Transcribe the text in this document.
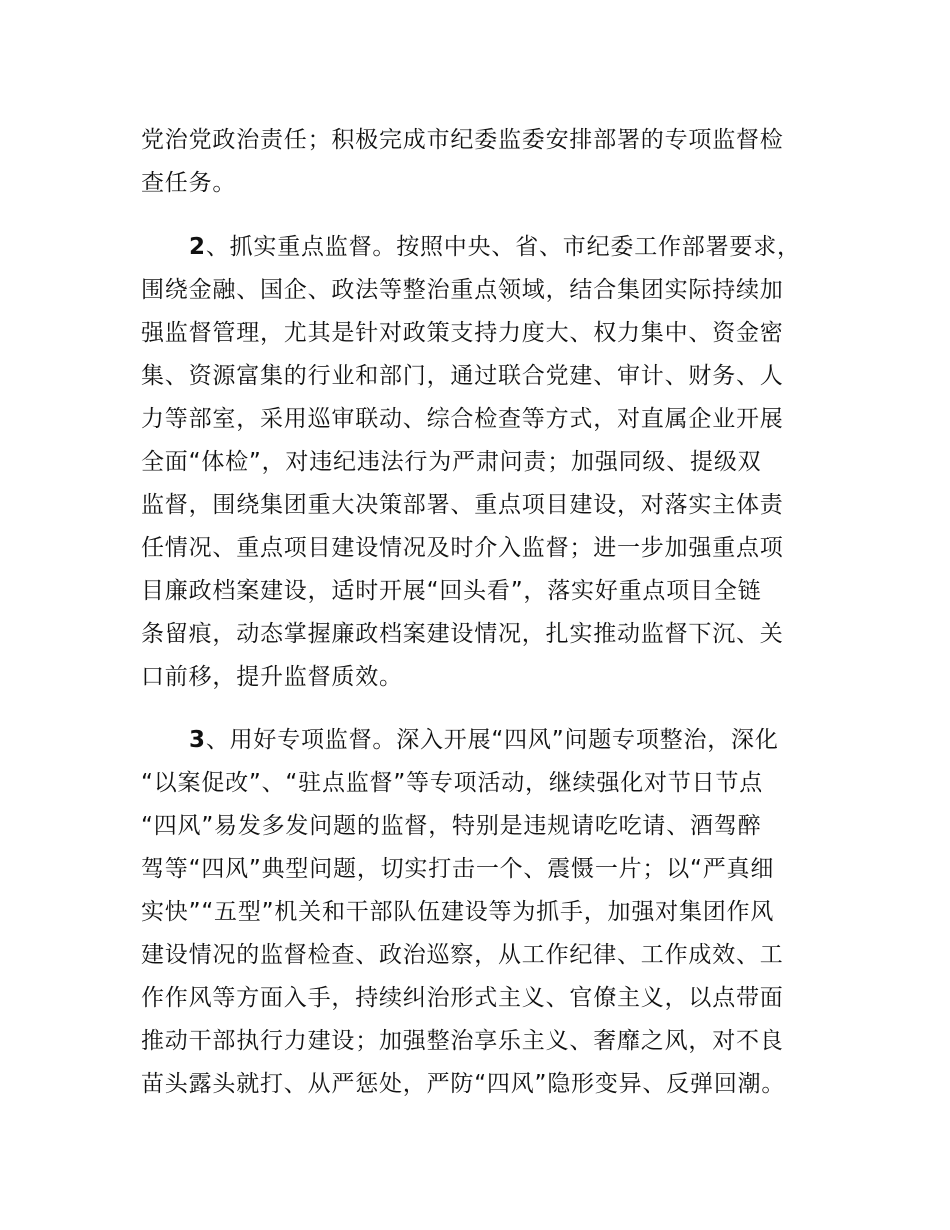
党治党政治责任；积极完成市纪委监委安排部署的专项监督检
查任务。
2、抓实重点监督。按照中央、省、市纪委工作部署要求，
围绕金融、国企、政法等整治重点领域，结合集团实际持续加
强监督管理，尤其是针对政策支持力度大、权力集中、资金密
集、资源富集的行业和部门，通过联合党建、审计、财务、人
力等部室，采用巡审联动、综合检查等方式，对直属企业开展
全面“体检”，对违纪违法行为严肃问责；加强同级、提级双
监督，围绕集团重大决策部署、重点项目建设，对落实主体责
任情况、重点项目建设情况及时介入监督；进一步加强重点项
目廉政档案建设，适时开展“回头看”，落实好重点项目全链
条留痕，动态掌握廉政档案建设情况，扎实推动监督下沉、关
口前移，提升监督质效。
3、用好专项监督。深入开展“四风”问题专项整治，深化
“以案促改”、“驻点监督”等专项活动，继续强化对节日节点
“四风”易发多发问题的监督，特别是违规请吃吃请、酒驾醉
驾等“四风”典型问题，切实打击一个、震慑一片；以“严真细
实快”“五型”机关和干部队伍建设等为抓手，加强对集团作风
建设情况的监督检查、政治巡察，从工作纪律、工作成效、工
作作风等方面入手，持续纠治形式主义、官僚主义，以点带面
推动干部执行力建设；加强整治享乐主义、奢靡之风，对不良
苗头露头就打、从严惩处，严防“四风”隐形变异、反弹回潮。
